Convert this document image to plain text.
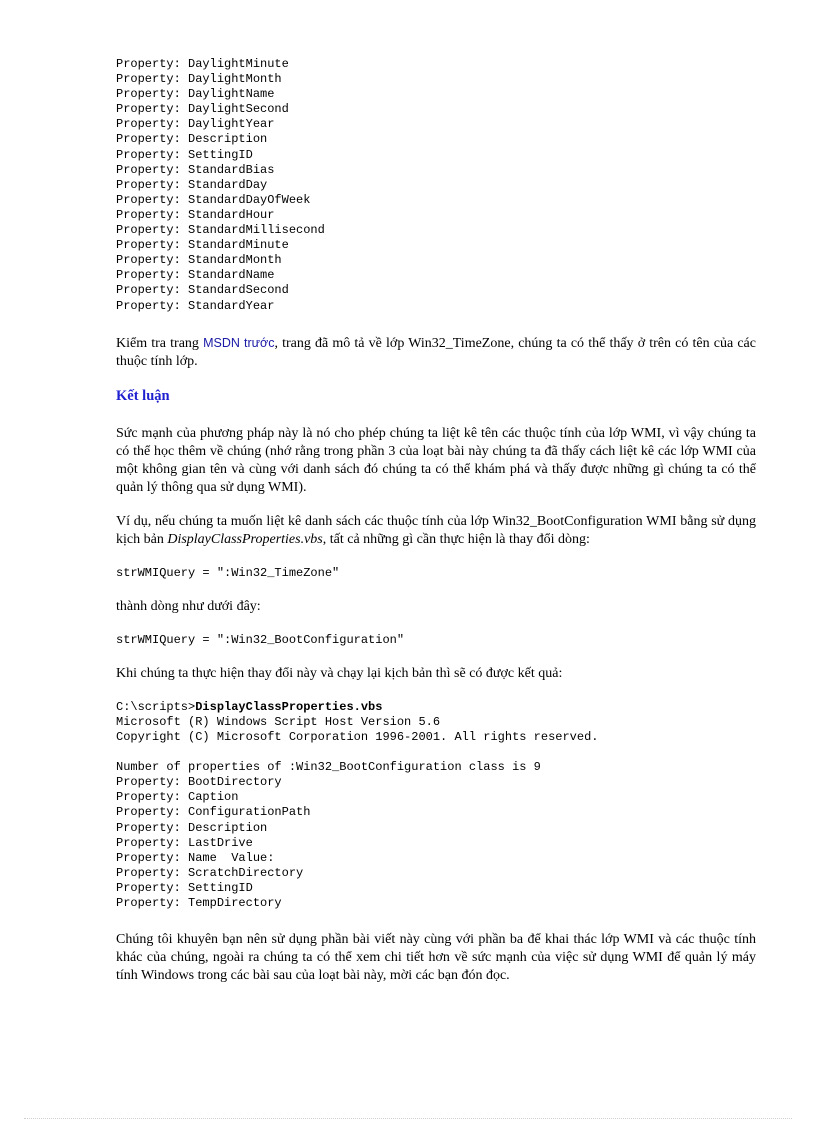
Property: DaylightMinute
Property: DaylightMonth
Property: DaylightName
Property: DaylightSecond
Property: DaylightYear
Property: Description
Property: SettingID
Property: StandardBias
Property: StandardDay
Property: StandardDayOfWeek
Property: StandardHour
Property: StandardMillisecond
Property: StandardMinute
Property: StandardMonth
Property: StandardName
Property: StandardSecond
Property: StandardYear

Kiểm tra trang MSDN trước, trang đã mô tả về lớp Win32_TimeZone, chúng ta có thể thấy ở trên có tên của các thuộc tính lớp.

Kết luận

Sức mạnh của phương pháp này là nó cho phép chúng ta liệt kê tên các thuộc tính của lớp WMI, vì vậy chúng ta có thể học thêm về chúng (nhớ rằng trong phần 3 của loạt bài này chúng ta đã thấy cách liệt kê các lớp WMI của một không gian tên và cùng với danh sách đó chúng ta có thể khám phá và thấy được những gì chúng ta có thể quản lý thông qua sử dụng WMI).

Ví dụ, nếu chúng ta muốn liệt kê danh sách các thuộc tính của lớp Win32_BootConfiguration WMI bằng sử dụng kịch bản DisplayClassProperties.vbs, tất cả những gì cần thực hiện là thay đổi dòng:

strWMIQuery = ":Win32_TimeZone"

thành dòng như dưới đây:

strWMIQuery = ":Win32_BootConfiguration"

Khi chúng ta thực hiện thay đổi này và chạy lại kịch bản thì sẽ có được kết quả:

C:\scripts>DisplayClassProperties.vbs
Microsoft (R) Windows Script Host Version 5.6
Copyright (C) Microsoft Corporation 1996-2001. All rights reserved.

Number of properties of :Win32_BootConfiguration class is 9
Property: BootDirectory
Property: Caption
Property: ConfigurationPath
Property: Description
Property: LastDrive
Property: Name  Value:
Property: ScratchDirectory
Property: SettingID
Property: TempDirectory

Chúng tôi khuyên bạn nên sử dụng phần bài viết này cùng với phần ba để khai thác lớp WMI và các thuộc tính khác của chúng, ngoài ra chúng ta có thể xem chi tiết hơn về sức mạnh của việc sử dụng WMI để quản lý máy tính Windows trong các bài sau của loạt bài này, mời các bạn đón đọc.
